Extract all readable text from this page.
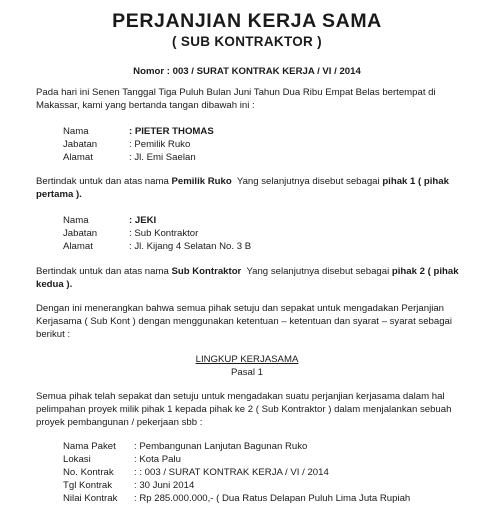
PERJANJIAN KERJA SAMA
( SUB KONTRAKTOR )
Nomor : 003 / SURAT KONTRAK KERJA / VI / 2014
Pada hari ini Senen Tanggal Tiga Puluh Bulan Juni Tahun Dua Ribu Empat Belas bertempat di
Makassar, kami yang bertanda tangan dibawah ini :
Nama	: PIETER THOMAS
Jabatan	: Pemilik Ruko
Alamat	: Jl. Emi Saelan
Bertindak untuk dan atas nama Pemilik Ruko  Yang selanjutnya disebut sebagai pihak 1 ( pihak
pertama ).
Nama	: JEKI
Jabatan	: Sub Kontraktor
Alamat	: Jl. Kijang 4 Selatan No. 3 B
Bertindak untuk dan atas nama Sub Kontraktor  Yang selanjutnya disebut sebagai pihak 2 ( pihak
kedua ).
Dengan ini menerangkan bahwa semua pihak setuju dan sepakat untuk mengadakan Perjanjian
Kerjasama ( Sub Kont ) dengan menggunakan ketentuan – ketentuan dan syarat – syarat sebagai
berikut :
LINGKUP KERJASAMA
Pasal 1
Semua pihak telah sepakat dan setuju untuk mengadakan suatu perjanjian kerjasama dalam hal
pelimpahan proyek milik pihak 1 kepada pihak ke 2 ( Sub Kontraktor ) dalam menjalankan sebuah
proyek pembangunan / pekerjaan sbb :
Nama Paket : Pembangunan Lanjutan Bagunan Ruko
Lokasi	: Kota Palu
No. Kontrak : : 003 / SURAT KONTRAK KERJA / VI / 2014
Tgl Kontrak : 30 Juni 2014
Nilai Kontrak : Rp 285.000.000,- ( Dua Ratus Delapan Puluh Lima Juta Rupiah
